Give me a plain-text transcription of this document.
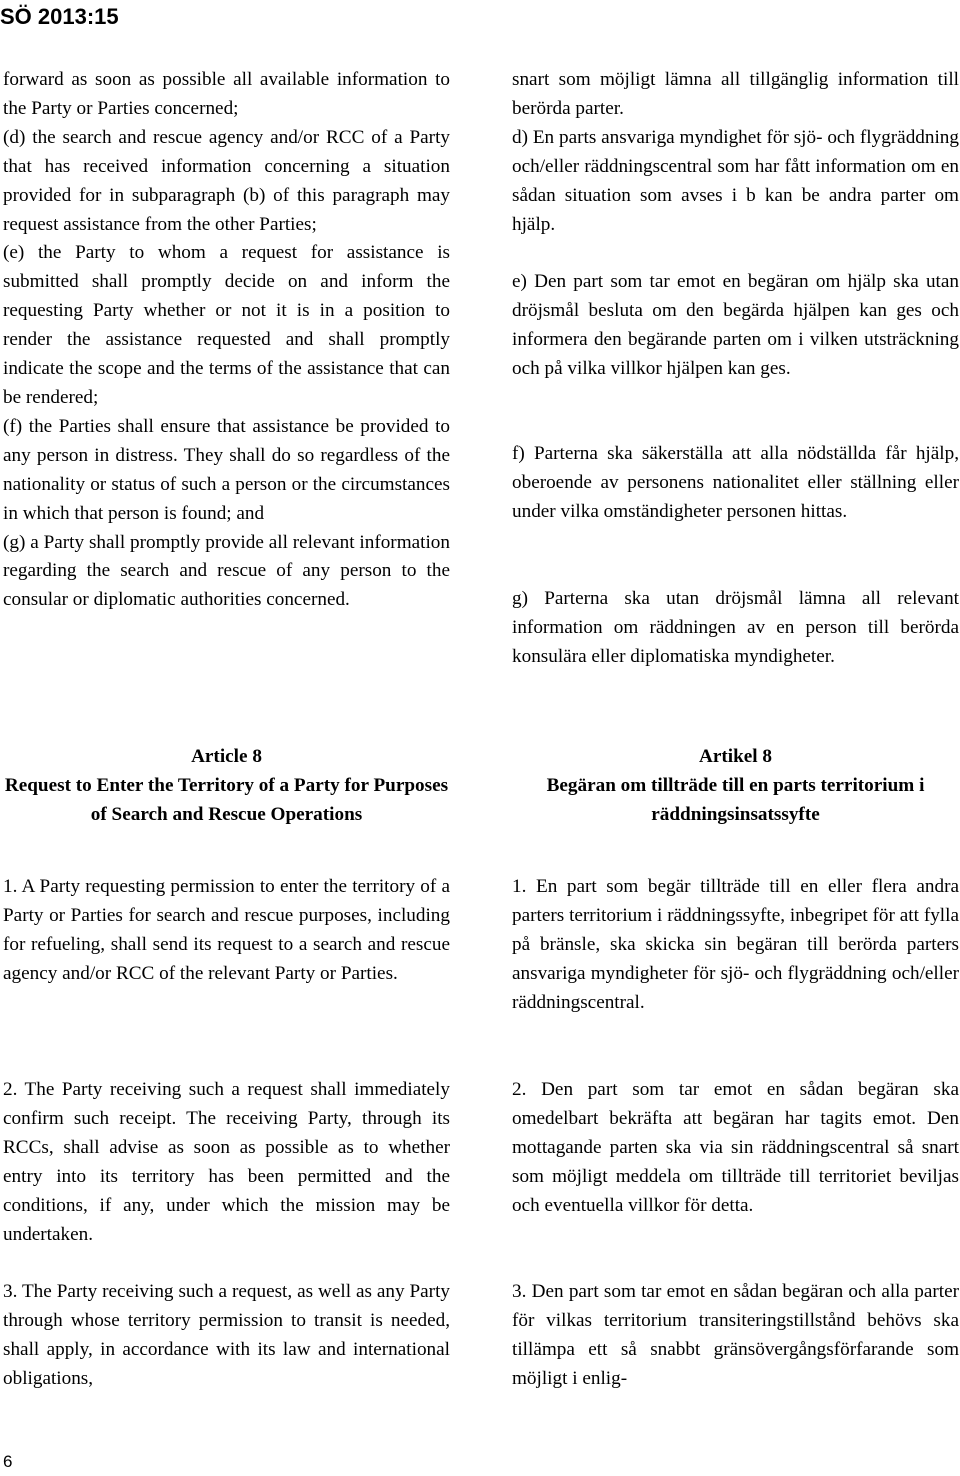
SÖ 2013:15

forward as soon as possible all available information to the Party or Parties concerned;

(d) the search and rescue agency and/or RCC of a Party that has received information concerning a situation provided for in subparagraph (b) of this paragraph may request assistance from the other Parties;

(e) the Party to whom a request for assistance is submitted shall promptly decide on and inform the requesting Party whether or not it is in a position to render the assistance requested and shall promptly indicate the scope and the terms of the assistance that can be rendered;

(f) the Parties shall ensure that assistance be provided to any person in distress. They shall do so regardless of the nationality or status of such a person or the circumstances in which that person is found; and

(g) a Party shall promptly provide all relevant information regarding the search and rescue of any person to the consular or diplomatic authorities concerned.

snart som möjligt lämna all tillgänglig information till berörda parter.
d) En parts ansvariga myndighet för sjö- och flygräddning och/eller räddningscentral som har fått information om en sådan situation som avses i b kan be andra parter om hjälp.
e) Den part som tar emot en begäran om hjälp ska utan dröjsmål besluta om den begärda hjälpen kan ges och informera den begärande parten om i vilken utsträckning och på vilka villkor hjälpen kan ges.
f) Parterna ska säkerställa att alla nödställda får hjälp, oberoende av personens nationalitet eller ställning eller under vilka omständigheter personen hittas.
g) Parterna ska utan dröjsmål lämna all relevant information om räddningen av en person till berörda konsulära eller diplomatiska myndigheter.
Article 8
Request to Enter the Territory of a Party for Purposes of Search and Rescue Operations
Artikel 8
Begäran om tillträde till en parts territorium i räddningsinsatssyfte
1. A Party requesting permission to enter the territory of a Party or Parties for search and rescue purposes, including for refueling, shall send its request to a search and rescue agency and/or RCC of the relevant Party or Parties.
2. The Party receiving such a request shall immediately confirm such receipt. The receiving Party, through its RCCs, shall advise as soon as possible as to whether entry into its territory has been permitted and the conditions, if any, under which the mission may be undertaken.
3. The Party receiving such a request, as well as any Party through whose territory permission to transit is needed, shall apply, in accordance with its law and international obligations,
1. En part som begär tillträde till en eller flera andra parters territorium i räddningssyfte, inbegripet för att fylla på bränsle, ska skicka sin begäran till berörda parters ansvariga myndigheter för sjö- och flygräddning och/eller räddningscentral.
2. Den part som tar emot en sådan begäran ska omedelbart bekräfta att begäran har tagits emot. Den mottagande parten ska via sin räddningscentral så snart som möjligt meddela om tillträde till territoriet beviljas och eventuella villkor för detta.
3. Den part som tar emot en sådan begäran och alla parter för vilkas territorium transiteringstillstånd behövs ska tillämpa ett så snabbt gränsövergångsförfarande som möjligt i enlig-
6
